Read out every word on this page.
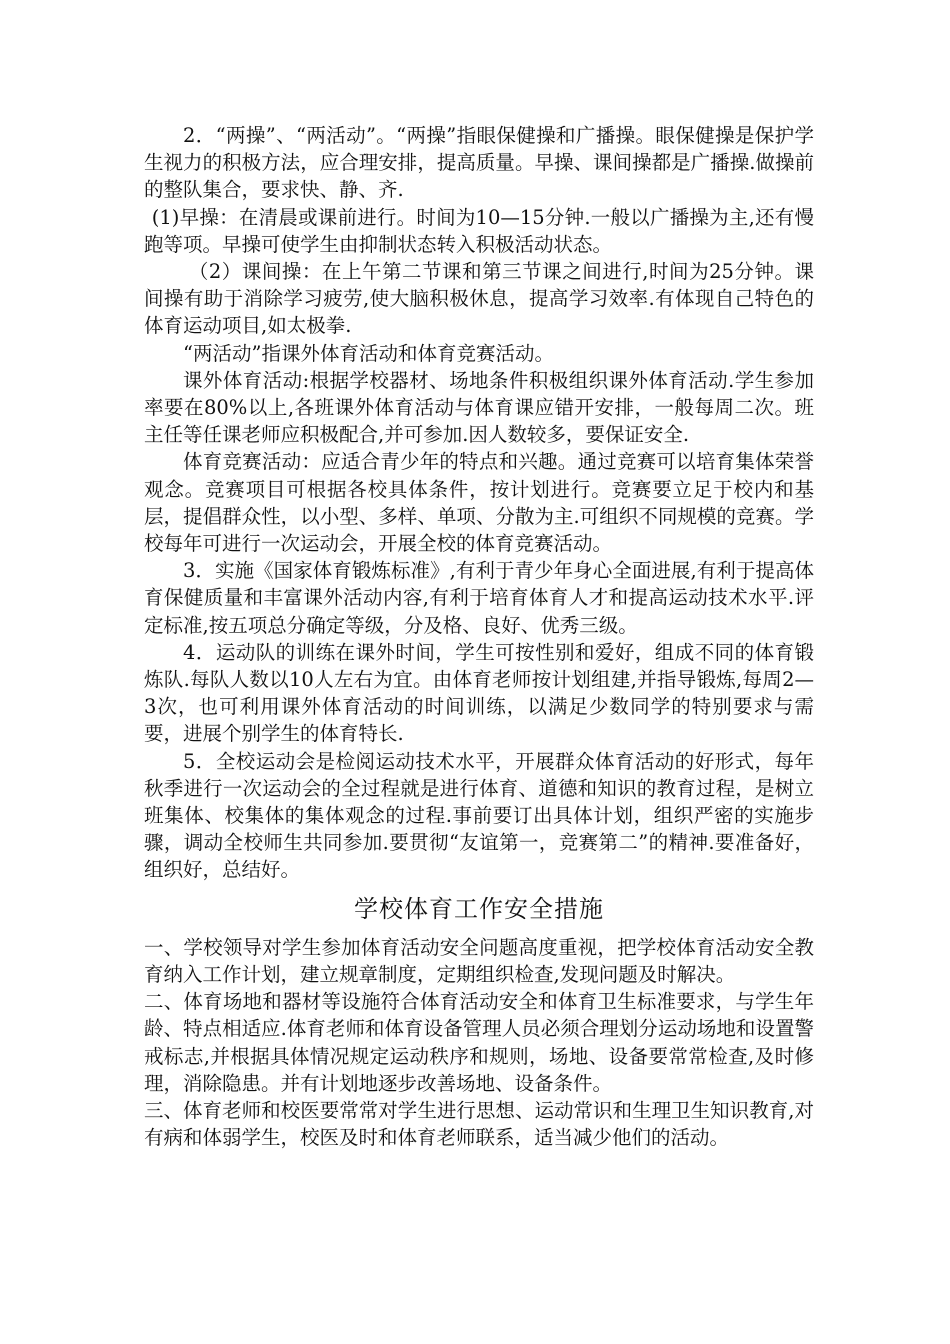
2．“两操”、“两活动”。“两操”指眼保健操和广播操。眼保健操是保护学生视力的积极方法，应合理安排，提高质量。早操、课间操都是广播操.做操前的整队集合，要求快、静、齐.

(1)早操：在清晨或课前进行。时间为10—15分钟.一般以广播操为主,还有慢跑等项。早操可使学生由抑制状态转入积极活动状态。

（2）课间操：在上午第二节课和第三节课之间进行,时间为25分钟。课间操有助于消除学习疲劳,使大脑积极休息，提高学习效率.有体现自己特色的体育运动项目,如太极拳.

“两活动”指课外体育活动和体育竞赛活动。

课外体育活动:根据学校器材、场地条件积极组织课外体育活动.学生参加率要在80%以上,各班课外体育活动与体育课应错开安排，一般每周二次。班主任等任课老师应积极配合,并可参加.因人数较多，要保证安全.

体育竞赛活动：应适合青少年的特点和兴趣。通过竞赛可以培育集体荣誉观念。竞赛项目可根据各校具体条件，按计划进行。竞赛要立足于校内和基层，提倡群众性，以小型、多样、单项、分散为主.可组织不同规模的竞赛。学校每年可进行一次运动会，开展全校的体育竞赛活动。

3．实施《国家体育锻炼标准》,有利于青少年身心全面进展,有利于提高体育保健质量和丰富课外活动内容,有利于培育体育人才和提高运动技术水平.评定标准,按五项总分确定等级，分及格、良好、优秀三级。

4．运动队的训练在课外时间，学生可按性别和爱好，组成不同的体育锻炼队.每队人数以10人左右为宜。由体育老师按计划组建,并指导锻炼,每周2—3次，也可利用课外体育活动的时间训练，以满足少数同学的特别要求与需要，进展个别学生的体育特长.

5．全校运动会是检阅运动技术水平，开展群众体育活动的好形式，每年秋季进行一次运动会的全过程就是进行体育、道德和知识的教育过程，是树立班集体、校集体的集体观念的过程.事前要订出具体计划，组织严密的实施步骤，调动全校师生共同参加.要贯彻“友谊第一，竞赛第二”的精神.要准备好，组织好，总结好。

学校体育工作安全措施

一、学校领导对学生参加体育活动安全问题高度重视，把学校体育活动安全教育纳入工作计划，建立规章制度，定期组织检查,发现问题及时解决。

二、体育场地和器材等设施符合体育活动安全和体育卫生标准要求，与学生年龄、特点相适应.体育老师和体育设备管理人员必须合理划分运动场地和设置警戒标志,并根据具体情况规定运动秩序和规则，场地、设备要常常检查,及时修理，消除隐患。并有计划地逐步改善场地、设备条件。

三、体育老师和校医要常常对学生进行思想、运动常识和生理卫生知识教育,对有病和体弱学生，校医及时和体育老师联系，适当减少他们的活动。
